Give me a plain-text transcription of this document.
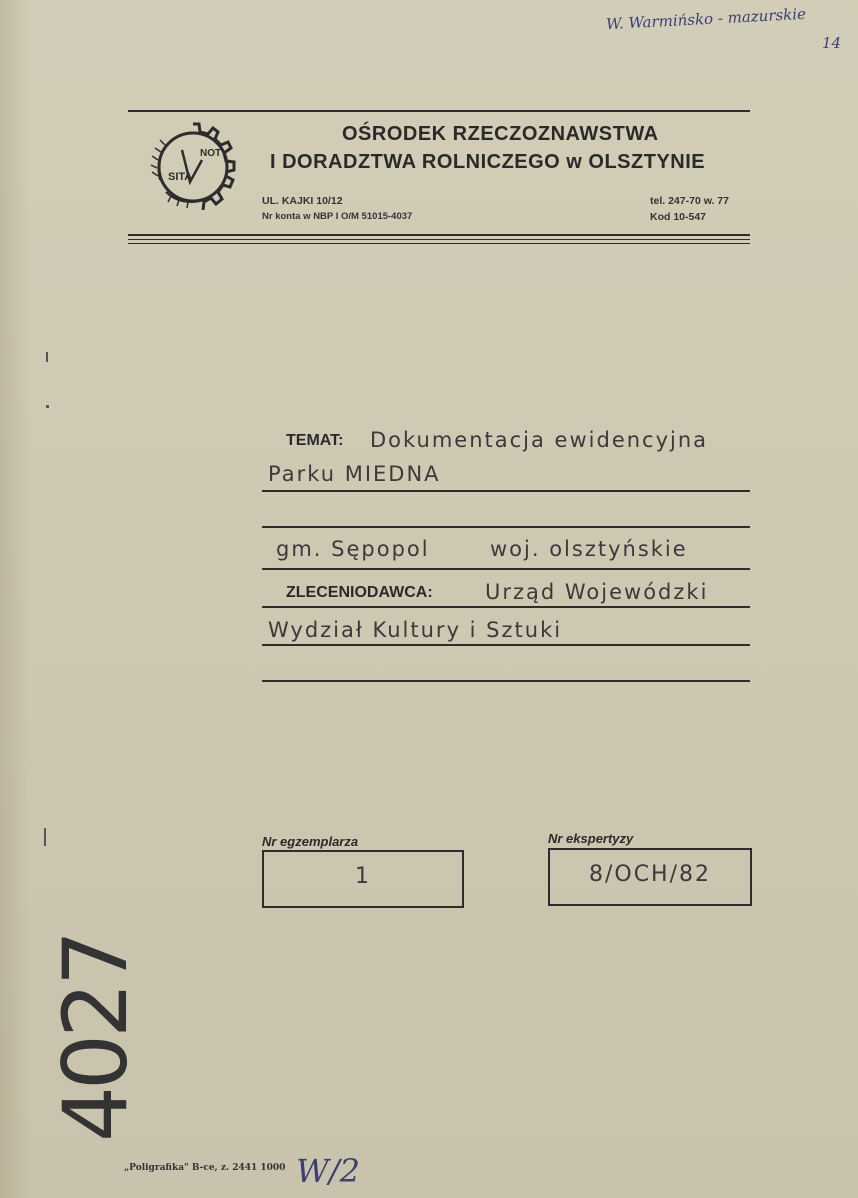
W. Warmińsko - mazurskie
14
SITA
NOT
OŚRODEK RZECZOZNAWSTWA
I DORADZTWA ROLNICZEGO w OLSZTYNIE
UL. KAJKI 10/12
Nr konta w NBP I O/M 51015-4037
tel. 247-70 w. 77
Kod 10-547
TEMAT: Dokumentacja ewidencyjna
Parku MIEDNA
gm. Sępopol	woj. olsztyńskie
ZLECENIODAWCA: Urząd Wojewódzki
Wydział Kultury i Sztuki
Nr egzemplarza
1
Nr ekspertyzy
8/OCH/82
4027
„Poligrafika" B-ce, z. 2441 1000 W/2
